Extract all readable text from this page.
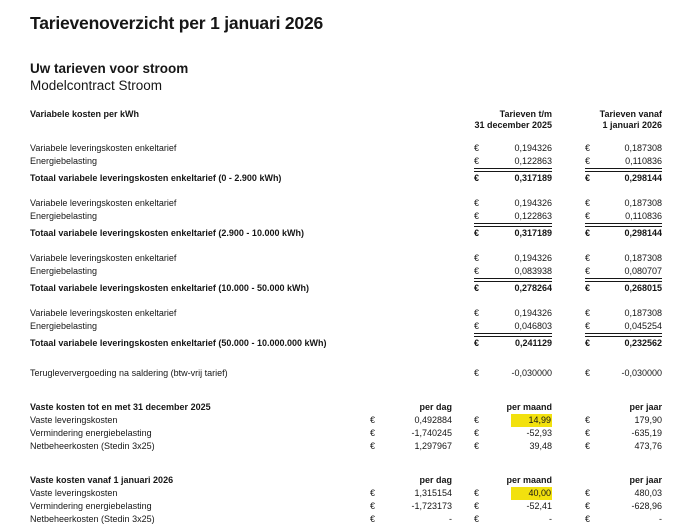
Tarievenoverzicht per 1 januari 2026
Uw tarieven voor stroom
Modelcontract Stroom
Variabele kosten per kWh	Tarieven t/m
31 december 2025
Tarieven vanaf
1 januari 2026
Variabele leveringskosten enkeltarief	€	0,194326	€	0,187308
Energiebelasting	€	0,122863	€	0,110836
Totaal variabele leveringskosten enkeltarief (0 - 2.900 kWh)	€	0,317189	€	0,298144
Variabele leveringskosten enkeltarief	€	0,194326	€	0,187308
Energiebelasting	€	0,122863	€	0,110836
Totaal variabele leveringskosten enkeltarief (2.900 - 10.000 kWh)	€	0,317189	€	0,298144
Variabele leveringskosten enkeltarief	€	0,194326	€	0,187308
Energiebelasting	€	0,083938	€	0,080707
Totaal variabele leveringskosten enkeltarief (10.000 - 50.000 kWh)	€	0,278264	€	0,268015
Variabele leveringskosten enkeltarief	€	0,194326	€	0,187308
Energiebelasting	€	0,046803	€	0,045254
Totaal variabele leveringskosten enkeltarief (50.000 - 10.000.000 kWh)	€	0,241129	€	0,232562
Terugleververgoeding na saldering (btw-vrij tarief)	€	-0,030000	€	-0,030000
Vaste kosten tot en met 31 december 2025	per dag	per maand	per jaar
Vaste leveringskosten	€	0,492884 €	14,99	€	179,90
Vermindering energiebelasting	€	-1,740245 €	-52,93	€	-635,19
Netbeheerkosten (Stedin 3x25)	€	1,297967 €	39,48	€	473,76
Vaste kosten vanaf 1 januari 2026	per dag	per maand	per jaar
Vaste leveringskosten	€	1,315154 €	40,00	€	480,03
Vermindering energiebelasting	€	-1,723173 €	-52,41	€	-628,96
Netbeheerkosten (Stedin 3x25)	€	- €	-	€	-
